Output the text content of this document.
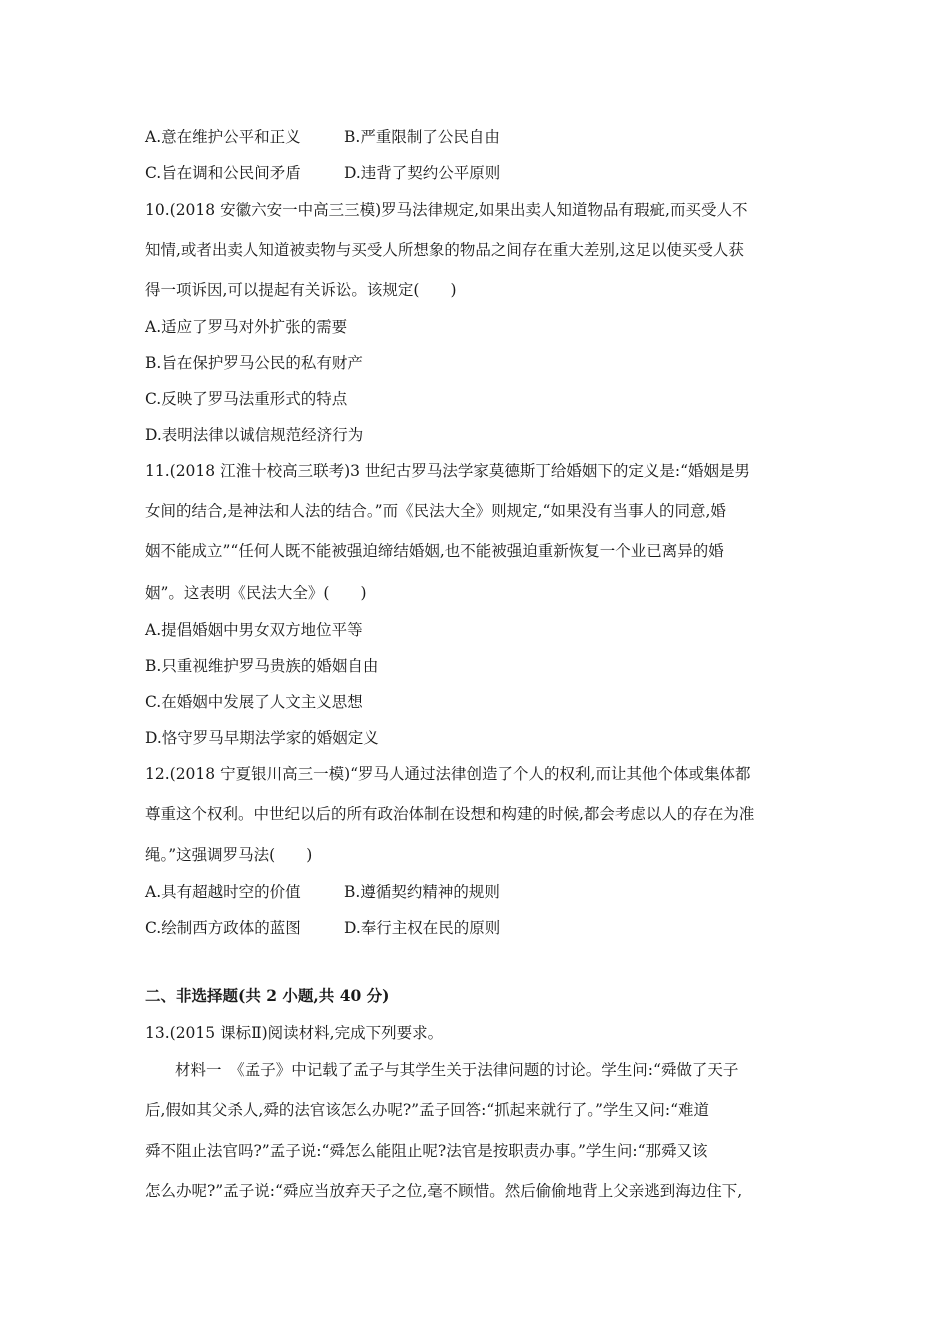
A.意在维护公平和正义	B.严重限制了公民自由
C.旨在调和公民间矛盾	D.违背了契约公平原则
10.(2018 安徽六安一中高三三模)罗马法律规定,如果出卖人知道物品有瑕疵,而买受人不
知情,或者出卖人知道被卖物与买受人所想象的物品之间存在重大差别,这足以使买受人获
得一项诉因,可以提起有关诉讼。该规定(　　)
A.适应了罗马对外扩张的需要
B.旨在保护罗马公民的私有财产
C.反映了罗马法重形式的特点
D.表明法律以诚信规范经济行为
11.(2018 江淮十校高三联考)3 世纪古罗马法学家莫德斯丁给婚姻下的定义是:“婚姻是男
女间的结合,是神法和人法的结合。”而《民法大全》则规定,“如果没有当事人的同意,婚
姻不能成立”“任何人既不能被强迫缔结婚姻,也不能被强迫重新恢复一个业已离异的婚
姻”。这表明《民法大全》(　　)
A.提倡婚姻中男女双方地位平等
B.只重视维护罗马贵族的婚姻自由
C.在婚姻中发展了人文主义思想
D.恪守罗马早期法学家的婚姻定义
12.(2018 宁夏银川高三一模)“罗马人通过法律创造了个人的权利,而让其他个体或集体都
尊重这个权利。中世纪以后的所有政治体制在设想和构建的时候,都会考虑以人的存在为准
绳。”这强调罗马法(　　)
A.具有超越时空的价值	B.遵循契约精神的规则
C.绘制西方政体的蓝图	D.奉行主权在民的原则
二、非选择题(共 2 小题,共 40 分)
13.(2015 课标Ⅱ)阅读材料,完成下列要求。
材料一　《孟子》中记载了孟子与其学生关于法律问题的讨论。学生问:“舜做了天子
后,假如其父杀人,舜的法官该怎么办呢?”孟子回答:“抓起来就行了。”学生又问:“难道
舜不阻止法官吗?”孟子说:“舜怎么能阻止呢?法官是按职责办事。”学生问:“那舜又该
怎么办呢?”孟子说:“舜应当放弃天子之位,毫不顾惜。然后偷偷地背上父亲逃到海边住下,
